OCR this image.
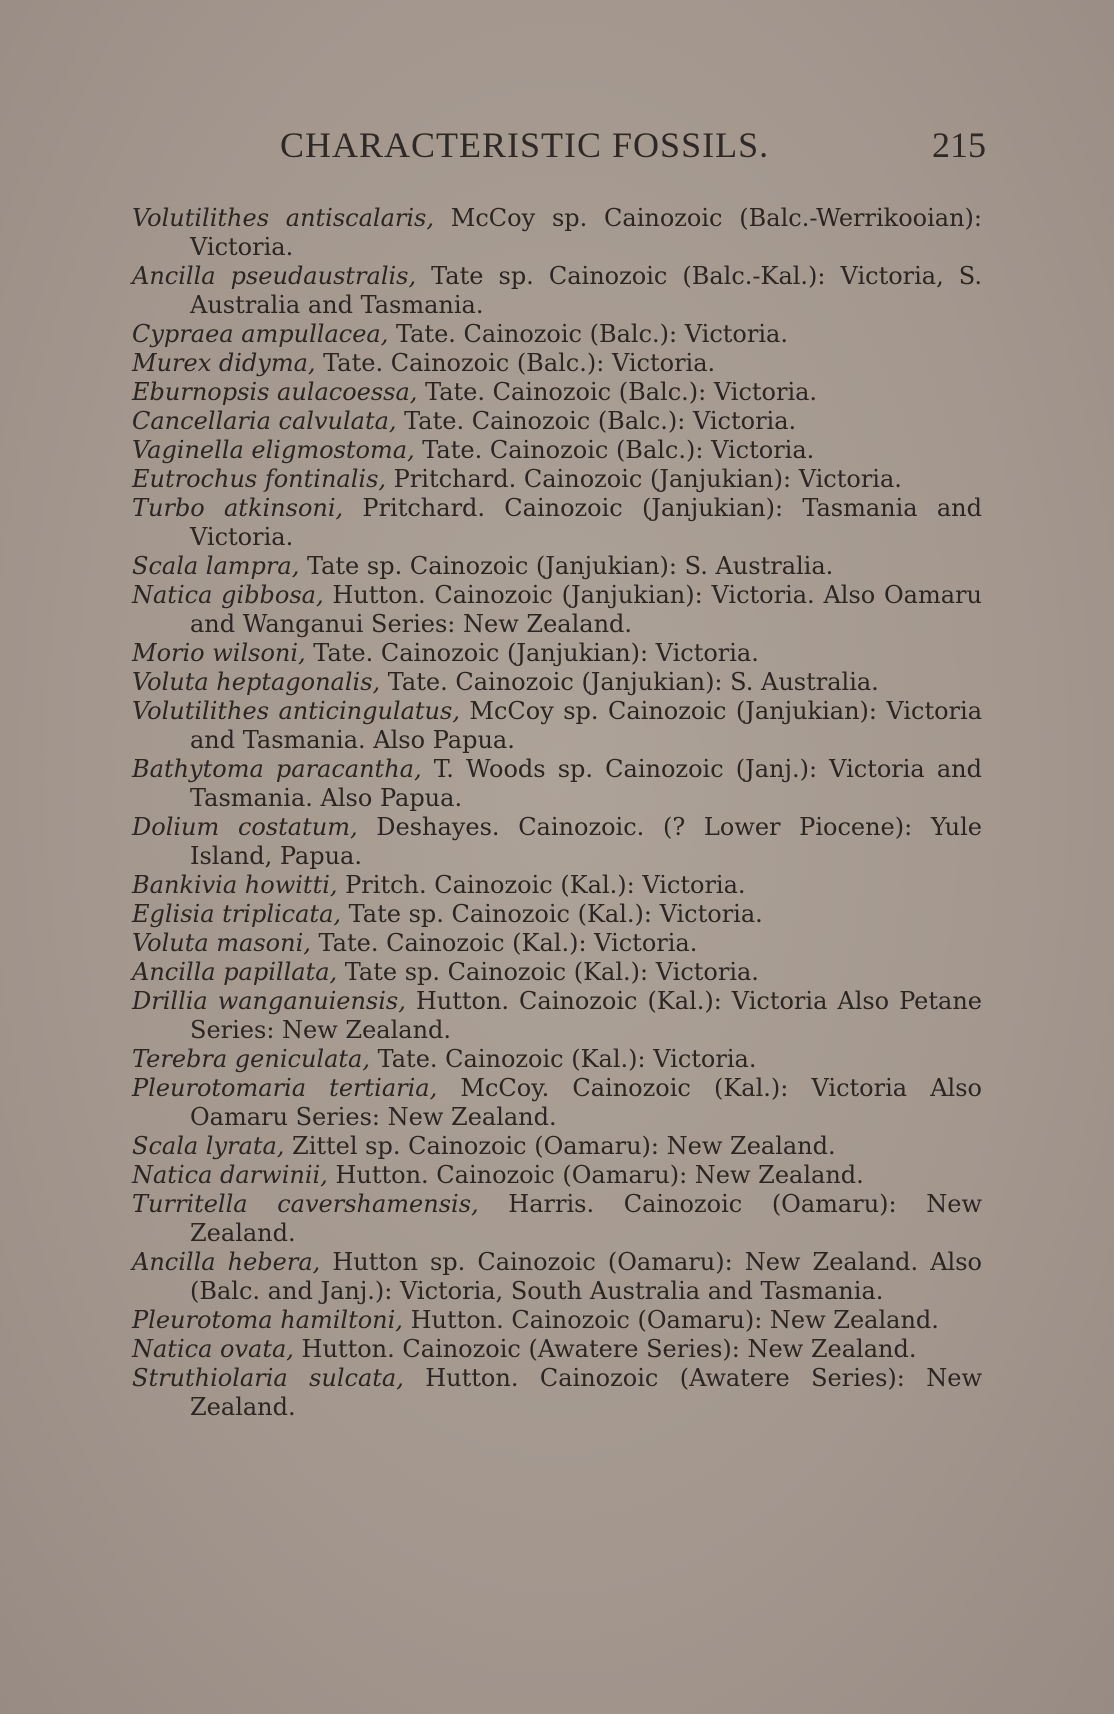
CHARACTERISTIC FOSSILS.	215
Volutilithes antiscalaris, McCoy sp. Cainozoic (Balc.-Werrikooian): Victoria.
Ancilla pseudaustralis, Tate sp. Cainozoic (Balc.-Kal.): Victoria, S. Australia and Tasmania.
Cypraea ampullacea, Tate. Cainozoic (Balc.): Victoria.
Murex didyma, Tate. Cainozoic (Balc.): Victoria.
Eburnopsis aulacoessa, Tate. Cainozoic (Balc.): Victoria.
Cancellaria calvulata, Tate. Cainozoic (Balc.): Victoria.
Vaginella eligmostoma, Tate. Cainozoic (Balc.): Victoria.
Eutrochus fontinalis, Pritchard. Cainozoic (Janjukian): Victoria.
Turbo atkinsoni, Pritchard. Cainozoic (Janjukian): Tasmania and Victoria.
Scala lampra, Tate sp. Cainozoic (Janjukian): S. Australia.
Natica gibbosa, Hutton. Cainozoic (Janjukian): Victoria. Also Oamaru and Wanganui Series: New Zealand.
Morio wilsoni, Tate. Cainozoic (Janjukian): Victoria.
Voluta heptagonalis, Tate. Cainozoic (Janjukian): S. Australia.
Volutilithes anticingulatus, McCoy sp. Cainozoic (Janjukian): Victoria and Tasmania. Also Papua.
Bathytoma paracantha, T. Woods sp. Cainozoic (Janj.): Victoria and Tasmania. Also Papua.
Dolium costatum, Deshayes. Cainozoic. (? Lower Piocene): Yule Island, Papua.
Bankivia howitti, Pritch. Cainozoic (Kal.): Victoria.
Eglisia triplicata, Tate sp. Cainozoic (Kal.): Victoria.
Voluta masoni, Tate. Cainozoic (Kal.): Victoria.
Ancilla papillata, Tate sp. Cainozoic (Kal.): Victoria.
Drillia wanganuiensis, Hutton. Cainozoic (Kal.): Victoria Also Petane Series: New Zealand.
Terebra geniculata, Tate. Cainozoic (Kal.): Victoria.
Pleurotomaria tertiaria, McCoy. Cainozoic (Kal.): Victoria Also Oamaru Series: New Zealand.
Scala lyrata, Zittel sp. Cainozoic (Oamaru): New Zealand.
Natica darwinii, Hutton. Cainozoic (Oamaru): New Zealand.
Turritella cavershamensis, Harris. Cainozoic (Oamaru): New Zealand.
Ancilla hebera, Hutton sp. Cainozoic (Oamaru): New Zealand. Also (Balc. and Janj.): Victoria, South Australia and Tasmania.
Pleurotoma hamiltoni, Hutton. Cainozoic (Oamaru): New Zealand.
Natica ovata, Hutton. Cainozoic (Awatere Series): New Zealand.
Struthiolaria sulcata, Hutton. Cainozoic (Awatere Series): New Zealand.
